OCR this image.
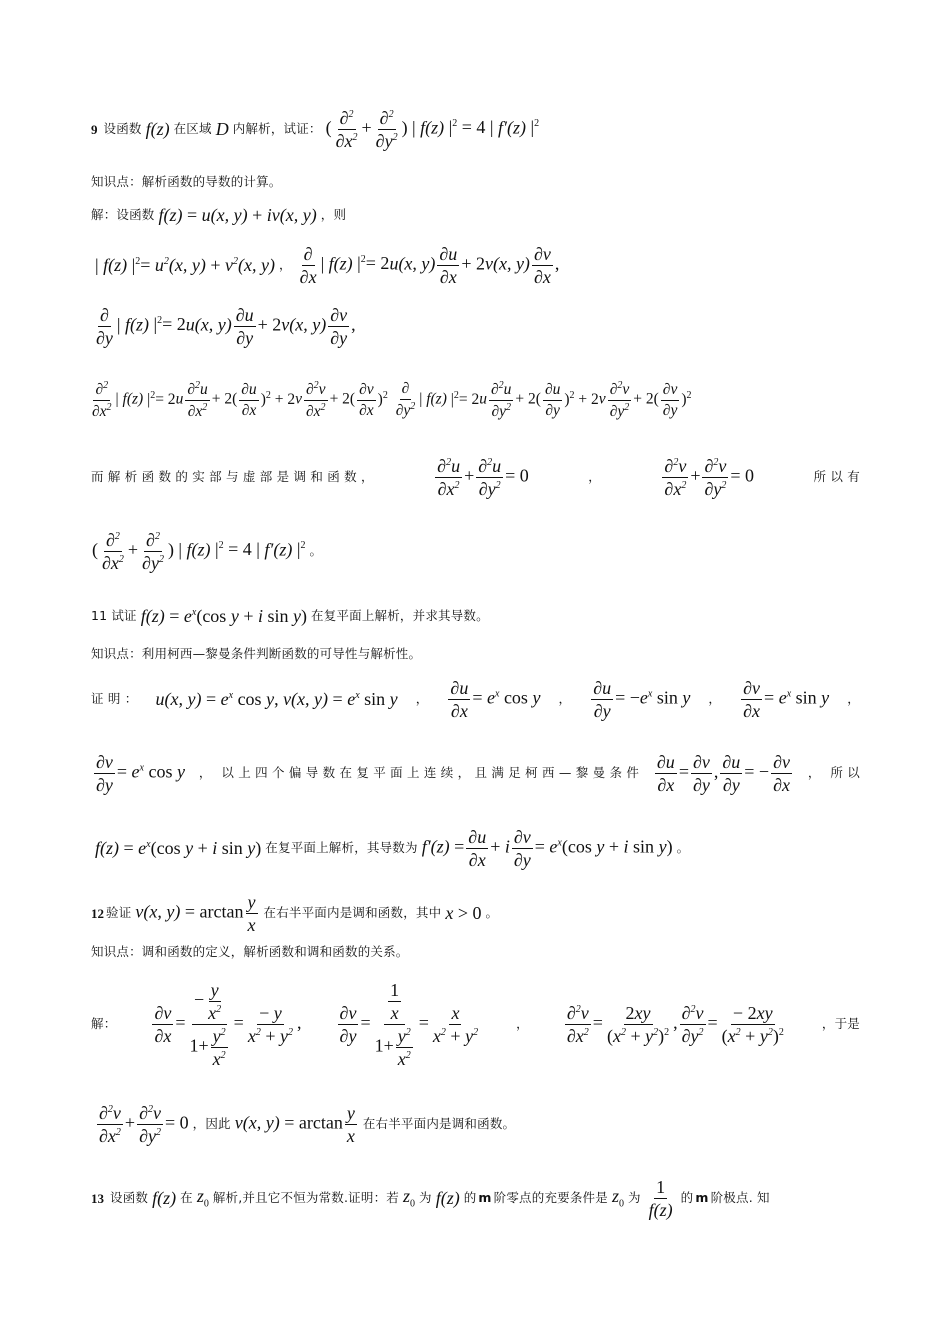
9 设函数 f(z) 在区域 D 内解析，试证： ( $\frac{\partial^2}{\partial x^2} + \frac{\partial^2}{\partial y^2}$ ) | f(z) $|^2 = 4$ | f′(z) $|^2$
知识点：解析函数的导数的计算。
解：设函数 f(z) = u(x, y) + iv(x, y) ，则
| f(z) $|^2= u^2(x$, $y) + v^2(x$, y) ， $\frac{\partial}{\partial x}$ | f(z) $|^2= 2u(x$, $y) \frac{\partial u}{\partial x} + 2v(x$, $y) \frac{\partial v}{\partial x}$ ,
$\frac{\partial}{\partial y}$ | f(z) $|^2= 2u(x$, $y) \frac{\partial u}{\partial y} + 2v(x$, $y) \frac{\partial v}{\partial y}$ ,
$\frac{\partial^2}{\partial x^2}$ | f(z) $|^2= 2u \frac{\partial^2u}{\partial x^2} + 2( \frac{\partial u}{\partial x} )^2 + 2v \frac{\partial^2v}{\partial x^2} + 2( \frac{\partial v}{\partial x} )^2 \frac{\partial}{\partial y^2}$ | f(z) $|^2= 2u \frac{\partial^2u}{\partial y^2} + 2( \frac{\partial u}{\partial y} )^2 + 2v \frac{\partial^2v}{\partial y^2} + 2( \frac{\partial v}{\partial y} )^2$
而 解 析 函 数 的 实 部 与 虚 部 是 调 和 函 数 ，	$\frac{\partial^2u}{\partial x^2} + \frac{\partial^2u}{\partial y^2} = 0$	，	$\frac{\partial^2v}{\partial x^2} + \frac{\partial^2v}{\partial y^2} = 0$	所 以 有
( $\frac{\partial^2}{\partial x^2} + \frac{\partial^2}{\partial y^2}$ ) | f(z) $|^2 = 4$ | f′(z) $|^2$ 。
11 试证 $f(z) = e^x(\cos$ y + i sin y) 在复平面上解析，并求其导数。
知识点：利用柯西—黎曼条件判断函数的可导性与解析性。
证 明 ： u(x, $y) = e^x$ cos y, v(x, $y) = e^x$ sin y ， $\frac{\partial u}{\partial x} = e^x$ cos y ， $\frac{\partial u}{\partial y} = -e^x$ sin y ， $\frac{\partial v}{\partial x} = e^x$ sin y ，
$\frac{\partial v}{\partial y} = e^x$ cos y ， 以 上 四 个 偏 导 数 在 复 平 面 上 连 续 ， 且 满 足 柯 西 — 黎 曼 条 件 $\frac{\partial u}{\partial x} = \frac{\partial v}{\partial y}$ , $\frac{\partial u}{\partial y}$ = − $\frac{\partial v}{\partial x}$ ， 所 以
$f(z) = e^x(\cos$ y + i sin y) 在复平面上解析，其导数为 $f'(z) = \frac{\partial u}{\partial x} + i \frac{\partial v}{\partial y} = e^x(\cos$ y + i sin y) 。
12 验证 v(x, $y) = \arctan \frac{y}{x}$ 在右半平面内是调和函数，其中 x > 0 。
知识点：调和函数的定义，解析函数和调和函数的关系。
解： $\frac{\partial v}{\partial x} = \frac{- \frac{y}{x^2}}{1+ \frac{y^2}{x^2}} = \frac{- y}{x^2 + y^2}$ , $\frac{\partial v}{\partial y} = \frac{\frac{1}{x}}{1+ \frac{y^2}{x^2}} = \frac{x}{x^2 + y^2}$	， $\frac{\partial^2v}{\partial x^2} = \frac{2xy}{(x^2 + y^2)^2}$ , $\frac{\partial^2v}{\partial y^2} = \frac{- 2xy}{(x^2 + y^2)^2}$	，于是
$\frac{\partial^2v}{\partial x^2} + \frac{\partial^2v}{\partial y^2} = 0$ ，因此 v(x, $y) = \arctan \frac{y}{x}$ 在右半平面内是调和函数。
13 设函数 f(z) 在 $z_0$ 解析,并且它不恒为常数.证明：若 $z_0$ 为 f(z) 的 m 阶零点的充要条件是 $z_0$ 为 $\frac{1}{f(z)}$ 的 m 阶极点. 知
